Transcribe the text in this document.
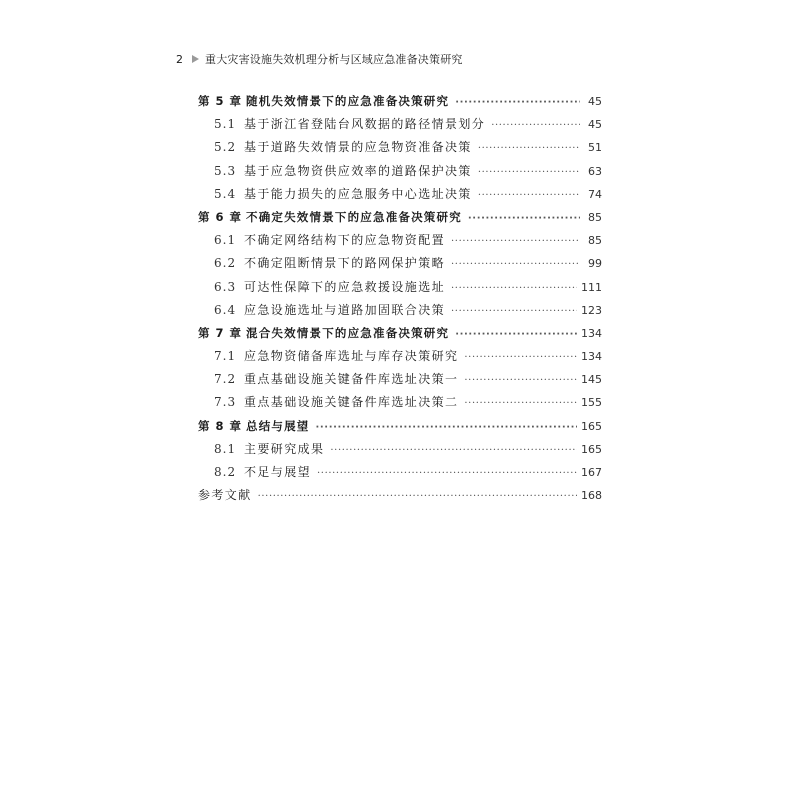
2	重大灾害设施失效机理分析与区域应急准备决策研究
第 5 章 随机失效情景下的应急准备决策研究 ·····	45
5.1 基于浙江省登陆台风数据的路径情景划分 ·····	45
5.2 基于道路失效情景的应急物资准备决策 ·····	51
5.3 基于应急物资供应效率的道路保护决策 ·····	63
5.4 基于能力损失的应急服务中心选址决策 ·····	74
第 6 章 不确定失效情景下的应急准备决策研究 ·····	85
6.1 不确定网络结构下的应急物资配置 ·····	85
6.2 不确定阻断情景下的路网保护策略 ·····	99
6.3 可达性保障下的应急救援设施选址 ·····	111
6.4 应急设施选址与道路加固联合决策 ·····	123
第 7 章 混合失效情景下的应急准备决策研究 ·····	134
7.1 应急物资储备库选址与库存决策研究 ·····	134
7.2 重点基础设施关键备件库选址决策一 ·····	145
7.3 重点基础设施关键备件库选址决策二 ·····	155
第 8 章 总结与展望 ·····	165
8.1 主要研究成果 ·····	165
8.2 不足与展望 ·····	167
参考文献 ·····	168
